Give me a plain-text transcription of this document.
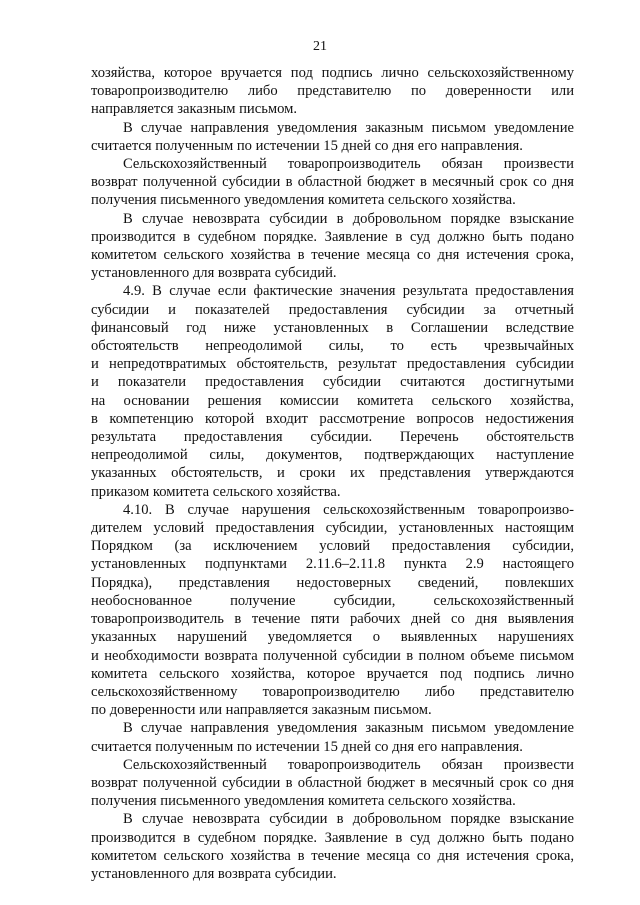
21

хозяйства, которое вручается под подпись лично сельскохозяйственному
товаропроизводителю либо представителю по доверенности или
направляется заказным письмом.

В случае направления уведомления заказным письмом уведомление
считается полученным по истечении 15 дней со дня его направления.

Сельскохозяйственный товаропроизводитель обязан произвести
возврат полученной субсидии в областной бюджет в месячный срок со дня
получения письменного уведомления комитета сельского хозяйства.

В случае невозврата субсидии в добровольном порядке взыскание
производится в судебном порядке. Заявление в суд должно быть подано
комитетом сельского хозяйства в течение месяца со дня истечения срока,
установленного для возврата субсидий.

4.9. В случае если фактические значения результата предоставления
субсидии и показателей предоставления субсидии за отчетный
финансовый год ниже установленных в Соглашении вследствие
обстоятельств непреодолимой силы, то есть чрезвычайных
и непредотвратимых обстоятельств, результат предоставления субсидии
и показатели предоставления субсидии считаются достигнутыми
на основании решения комиссии комитета сельского хозяйства,
в компетенцию которой входит рассмотрение вопросов недостижения
результата предоставления субсидии. Перечень обстоятельств
непреодолимой силы, документов, подтверждающих наступление
указанных обстоятельств, и сроки их представления утверждаются
приказом комитета сельского хозяйства.

4.10. В случае нарушения сельскохозяйственным товаропроизво-
дителем условий предоставления субсидии, установленных настоящим
Порядком (за исключением условий предоставления субсидии,
установленных подпунктами 2.11.6–2.11.8 пункта 2.9 настоящего
Порядка), представления недостоверных сведений, повлекших
необоснованное получение субсидии, сельскохозяйственный
товаропроизводитель в течение пяти рабочих дней со дня выявления
указанных нарушений уведомляется о выявленных нарушениях
и необходимости возврата полученной субсидии в полном объеме письмом
комитета сельского хозяйства, которое вручается под подпись лично
сельскохозяйственному товаропроизводителю либо представителю
по доверенности или направляется заказным письмом.

В случае направления уведомления заказным письмом уведомление
считается полученным по истечении 15 дней со дня его направления.

Сельскохозяйственный товаропроизводитель обязан произвести
возврат полученной субсидии в областной бюджет в месячный срок со дня
получения письменного уведомления комитета сельского хозяйства.

В случае невозврата субсидии в добровольном порядке взыскание
производится в судебном порядке. Заявление в суд должно быть подано
комитетом сельского хозяйства в течение месяца со дня истечения срока,
установленного для возврата субсидии.
